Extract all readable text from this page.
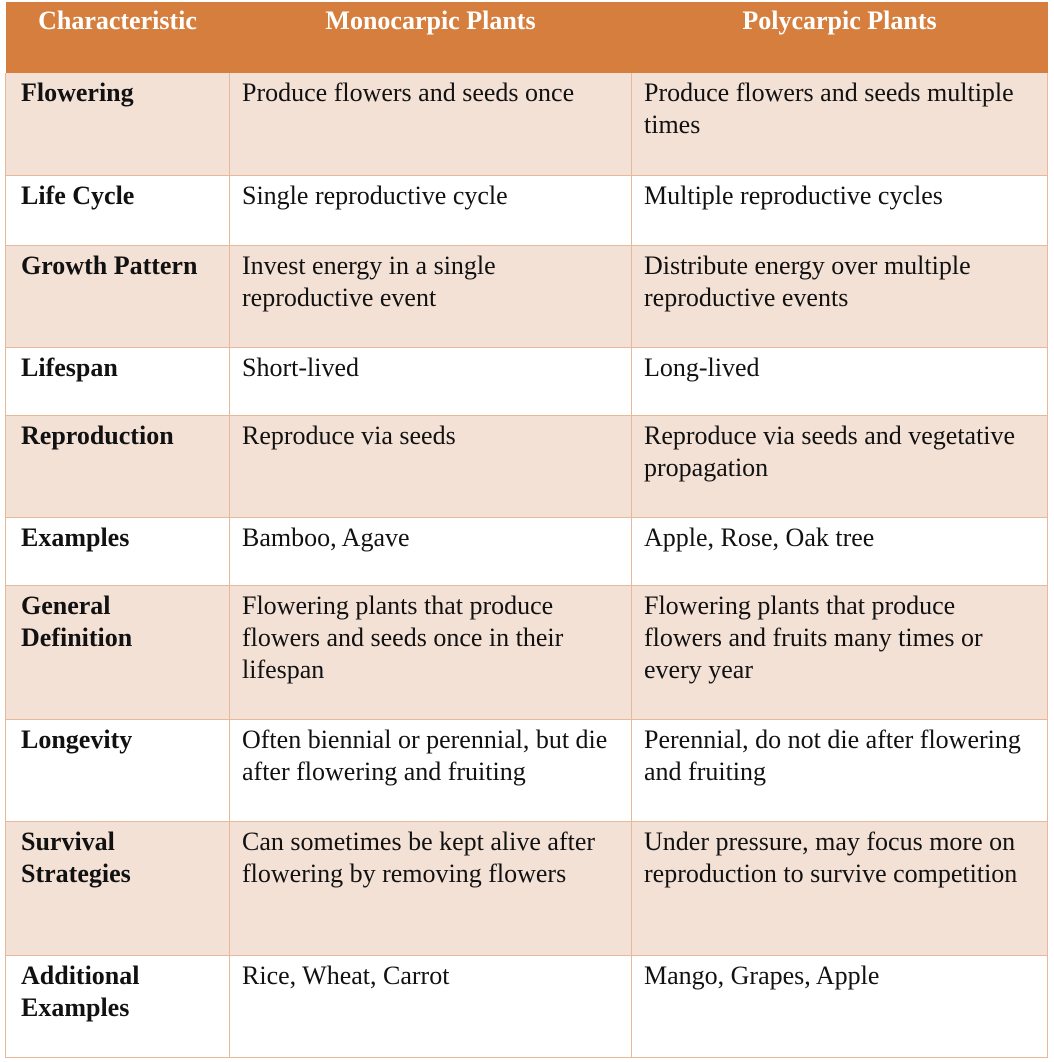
Characteristic	Monocarpic Plants	Polycarpic Plants
Flowering	Produce flowers and seeds once	Produce flowers and seeds multiple times
Life Cycle	Single reproductive cycle	Multiple reproductive cycles
Growth Pattern	Invest energy in a single reproductive event	Distribute energy over multiple reproductive events
Lifespan	Short-lived	Long-lived
Reproduction	Reproduce via seeds	Reproduce via seeds and vegetative propagation
Examples	Bamboo, Agave	Apple, Rose, Oak tree
General Definition	Flowering plants that produce flowers and seeds once in their lifespan	Flowering plants that produce flowers and fruits many times or every year
Longevity	Often biennial or perennial, but die after flowering and fruiting	Perennial, do not die after flowering and fruiting
Survival Strategies	Can sometimes be kept alive after flowering by removing flowers	Under pressure, may focus more on reproduction to survive competition
Additional Examples	Rice, Wheat, Carrot	Mango, Grapes, Apple
